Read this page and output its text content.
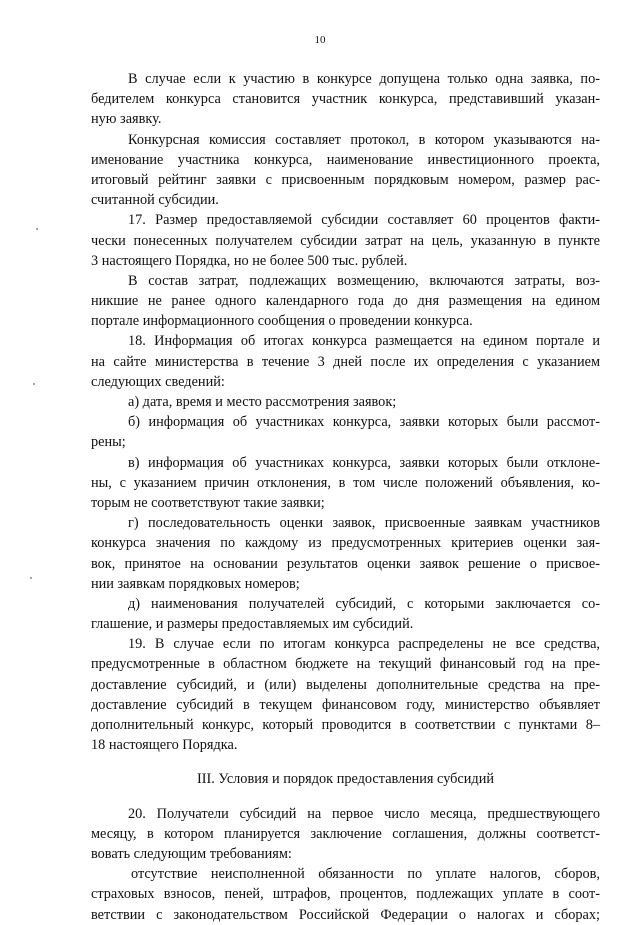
10
В случае если к участию в конкурсе допущена только одна заявка, по-
бедителем конкурса становится участник конкурса, представивший указан-
ную заявку.
Конкурсная комиссия составляет протокол, в котором указываются на-
именование участника конкурса, наименование инвестиционного проекта,
итоговый рейтинг заявки с присвоенным порядковым номером, размер рас-
считанной субсидии.
17. Размер предоставляемой субсидии составляет 60 процентов факти-
чески понесенных получателем субсидии затрат на цель, указанную в пункте
3 настоящего Порядка, но не более 500 тыс. рублей.
В состав затрат, подлежащих возмещению, включаются затраты, воз-
никшие не ранее одного календарного года до дня размещения на едином
портале информационного сообщения о проведении конкурса.
18. Информация об итогах конкурса размещается на едином портале и
на сайте министерства в течение 3 дней после их определения с указанием
следующих сведений:
а) дата, время и место рассмотрения заявок;
б) информация об участниках конкурса, заявки которых были рассмот-
рены;
в) информация об участниках конкурса, заявки которых были отклоне-
ны, с указанием причин отклонения, в том числе положений объявления, ко-
торым не соответствуют такие заявки;
г) последовательность оценки заявок, присвоенные заявкам участников
конкурса значения по каждому из предусмотренных критериев оценки зая-
вок, принятое на основании результатов оценки заявок решение о присвое-
нии заявкам порядковых номеров;
д) наименования получателей субсидий, с которыми заключается со-
глашение, и размеры предоставляемых им субсидий.
19. В случае если по итогам конкурса распределены не все средства,
предусмотренные в областном бюджете на текущий финансовый год на пре-
доставление субсидий, и (или) выделены дополнительные средства на пре-
доставление субсидий в текущем финансовом году, министерство объявляет
дополнительный конкурс, который проводится в соответствии с пунктами 8–
18 настоящего Порядка.
III. Условия и порядок предоставления субсидий
20. Получатели субсидий на первое число месяца, предшествующего
месяцу, в котором планируется заключение соглашения, должны соответст-
вовать следующим требованиям:
отсутствие неисполненной обязанности по уплате налогов, сборов,
страховых взносов, пеней, штрафов, процентов, подлежащих уплате в соот-
ветствии с законодательством Российской Федерации о налогах и сборах;
